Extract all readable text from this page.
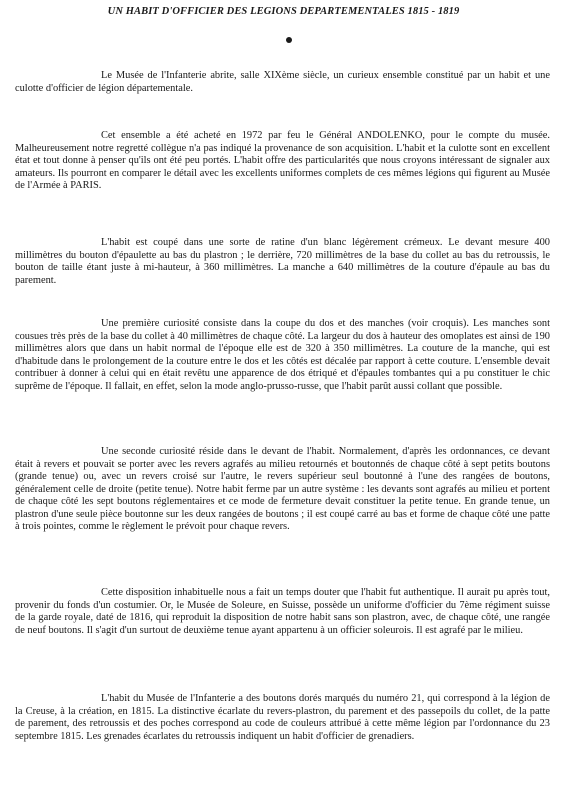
UN HABIT D'OFFICIER DES LEGIONS DEPARTEMENTALES 1815 - 1819

Le Musée de l'Infanterie abrite, salle XIXème siècle, un curieux ensemble constitué par un habit et une culotte d'officier de légion départementale.

Cet ensemble a été acheté en 1972 par feu le Général ANDOLENKO, pour le compte du musée. Malheureusement notre regretté collègue n'a pas indiqué la provenance de son acquisition. L'habit et la culotte sont en excellent état et tout donne à penser qu'ils ont été peu portés. L'habit offre des particularités que nous croyons intéressant de signaler aux amateurs. Ils pourront en comparer le détail avec les excellents uniformes complets de ces mêmes légions qui figurent au Musée de l'Armée à PARIS.

L'habit est coupé dans une sorte de ratine d'un blanc légèrement crémeux. Le devant mesure 400 millimètres du bouton d'épaulette au bas du plastron ; le derrière, 720 millimètres de la base du collet au bas du retroussis, le bouton de taille étant juste à mi-hauteur, à 360 millimètres. La manche a 640 millimètres de la couture d'épaule au bas du parement.

Une première curiosité consiste dans la coupe du dos et des manches (voir croquis). Les manches sont cousues très près de la base du collet à 40 millimètres de chaque côté. La largeur du dos à hauteur des omoplates est ainsi de 190 millimètres alors que dans un habit normal de l'époque elle est de 320 à 350 millimètres. La couture de la manche, qui est d'habitude dans le prolongement de la couture entre le dos et les côtés est décalée par rapport à cette couture. L'ensemble devait contribuer à donner à celui qui en était revêtu une apparence de dos étriqué et d'épaules tombantes qui a pu constituer le chic suprême de l'époque. Il fallait, en effet, selon la mode anglo-prusso-russe, que l'habit parût aussi collant que possible.

Une seconde curiosité réside dans le devant de l'habit. Normalement, d'après les ordonnances, ce devant était à revers et pouvait se porter avec les revers agrafés au milieu retournés et boutonnés de chaque côté à sept petits boutons (grande tenue) ou, avec un revers croisé sur l'autre, le revers supérieur seul boutonné à l'une des rangées de boutons, généralement celle de droite (petite tenue). Notre habit ferme par un autre système : les devants sont agrafés au milieu et portent de chaque côté les sept boutons réglementaires et ce mode de fermeture devait constituer la petite tenue. En grande tenue, un plastron d'une seule pièce boutonne sur les deux rangées de boutons ; il est coupé carré au bas et forme de chaque côté une patte à trois pointes, comme le règlement le prévoit pour chaque revers.

Cette disposition inhabituelle nous a fait un temps douter que l'habit fut authentique. Il aurait pu après tout, provenir du fonds d'un costumier. Or, le Musée de Soleure, en Suisse, possède un uniforme d'officier du 7ème régiment suisse de la garde royale, daté de 1816, qui reproduit la disposition de notre habit sans son plastron, avec, de chaque côté, une rangée de neuf boutons. Il s'agit d'un surtout de deuxième tenue ayant appartenu à un officier soleurois. Il est agrafé par le milieu.

L'habit du Musée de l'Infanterie a des boutons dorés marqués du numéro 21, qui correspond à la légion de la Creuse, à la création, en 1815. La distinctive écarlate du revers-plastron, du parement et des passepoils du collet, de la patte de parement, des retroussis et des poches correspond au code de couleurs attribué à cette même légion par l'ordonnance du 23 septembre 1815. Les grenades écarlates du retroussis indiquent un habit d'officier de grenadiers.
